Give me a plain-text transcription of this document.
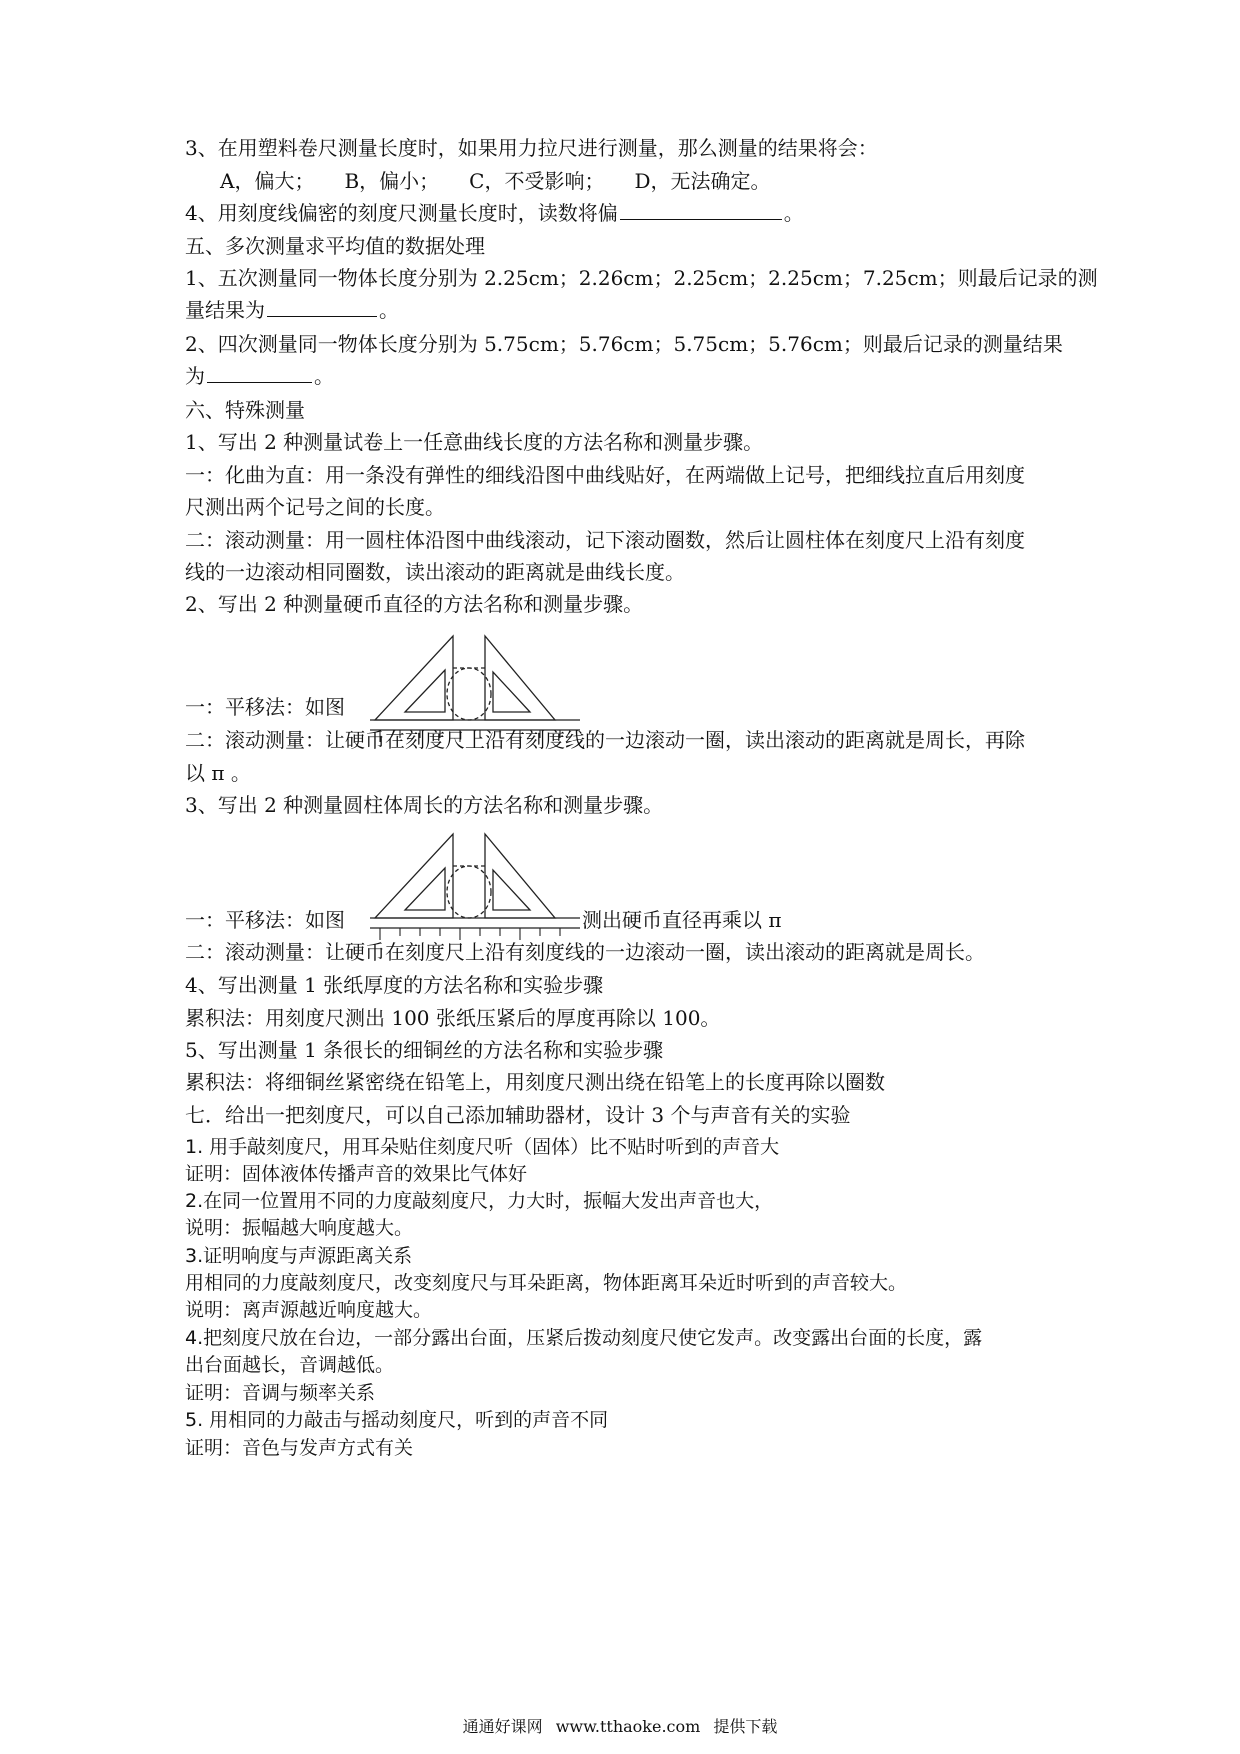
3、在用塑料卷尺测量长度时，如果用力拉尺进行测量，那么测量的结果将会：
A，偏大；　　B，偏小；　　C，不受影响；　　D，无法确定。
4、用刻度线偏密的刻度尺测量长度时，读数将偏	。
五、多次测量求平均值的数据处理
1、五次测量同一物体长度分别为 2.25cm；2.26cm；2.25cm；2.25cm；7.25cm；则最后记录的测
量结果为	。
2、四次测量同一物体长度分别为 5.75cm；5.76cm；5.75cm；5.76cm；则最后记录的测量结果
为	。
六、特殊测量
1、写出 2 种测量试卷上一任意曲线长度的方法名称和测量步骤。
一：化曲为直：用一条没有弹性的细线沿图中曲线贴好，在两端做上记号，把细线拉直后用刻度
尺测出两个记号之间的长度。
二：滚动测量：用一圆柱体沿图中曲线滚动，记下滚动圈数，然后让圆柱体在刻度尺上沿有刻度
线的一边滚动相同圈数，读出滚动的距离就是曲线长度。
2、写出 2 种测量硬币直径的方法名称和测量步骤。
一：平移法：如图
二：滚动测量：让硬币在刻度尺上沿有刻度线的一边滚动一圈，读出滚动的距离就是周长，再除
以 π 。
3、写出 2 种测量圆柱体周长的方法名称和测量步骤。
一：平移法：如图	测出硬币直径再乘以 π
二：滚动测量：让硬币在刻度尺上沿有刻度线的一边滚动一圈，读出滚动的距离就是周长。
4、写出测量 1 张纸厚度的方法名称和实验步骤
累积法：用刻度尺测出 100 张纸压紧后的厚度再除以 100。
5、写出测量 1 条很长的细铜丝的方法名称和实验步骤
累积法：将细铜丝紧密绕在铅笔上，用刻度尺测出绕在铅笔上的长度再除以圈数
七．给出一把刻度尺，可以自己添加辅助器材，设计 3 个与声音有关的实验
1. 用手敲刻度尺，用耳朵贴住刻度尺听（固体）比不贴时听到的声音大
证明：固体液体传播声音的效果比气体好
2.在同一位置用不同的力度敲刻度尺，力大时，振幅大发出声音也大，
说明：振幅越大响度越大。
3.证明响度与声源距离关系
用相同的力度敲刻度尺，改变刻度尺与耳朵距离，物体距离耳朵近时听到的声音较大。
说明：离声源越近响度越大。
4.把刻度尺放在台边，一部分露出台面，压紧后拨动刻度尺使它发声。改变露出台面的长度，露
出台面越长，音调越低。
证明：音调与频率关系
5. 用相同的力敲击与摇动刻度尺，听到的声音不同
证明：音色与发声方式有关
通通好课网 www.tthaoke.com 提供下载
